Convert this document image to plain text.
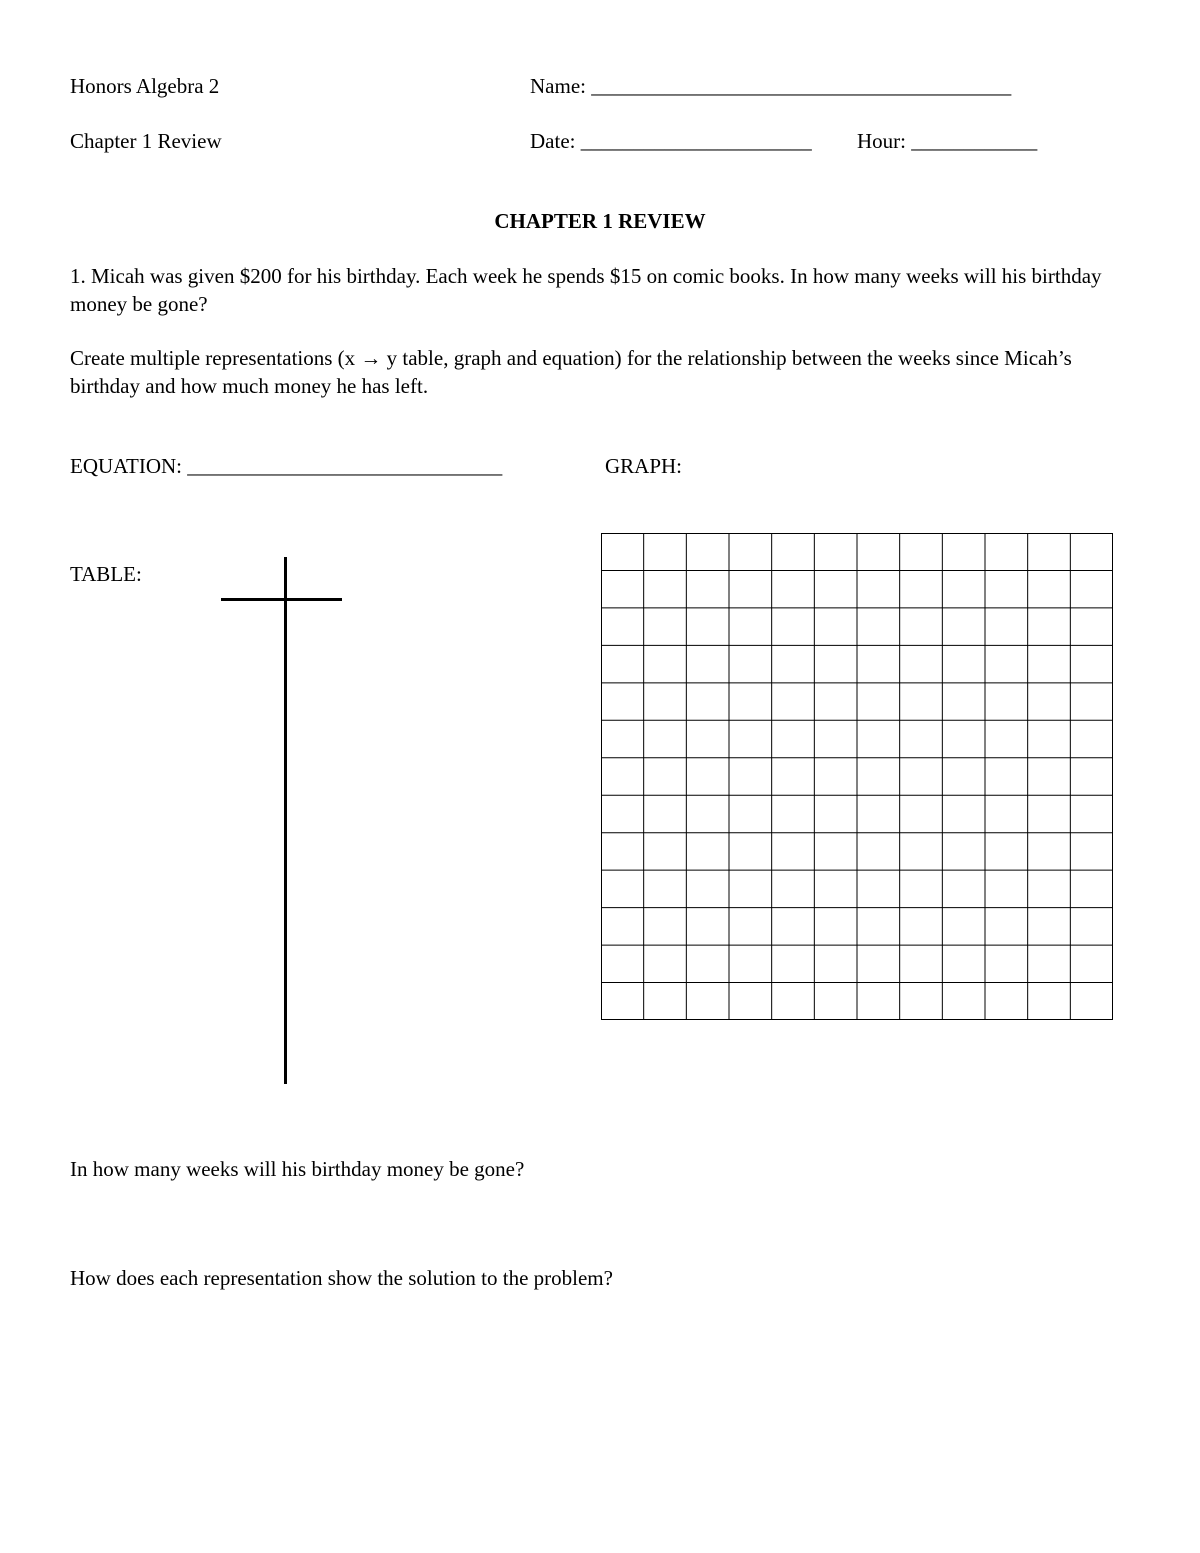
Honors Algebra 2	Name: ________________________________________
Chapter 1 Review	Date: ______________________ Hour: ____________
CHAPTER 1 REVIEW
1. Micah was given $200 for his birthday. Each week he spends $15 on comic books. In how many weeks will his birthday money be gone?
Create multiple representations (x → y table, graph and equation) for the relationship between the weeks since Micah’s birthday and how much money he has left.
EQUATION: ______________________________	GRAPH:
TABLE:
In how many weeks will his birthday money be gone?
How does each representation show the solution to the problem?
